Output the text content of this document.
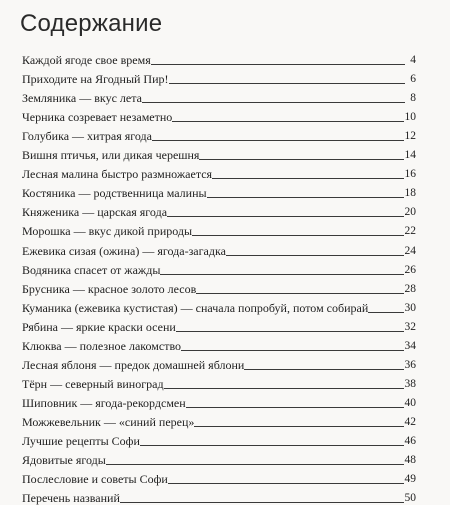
Содержание
Каждой ягоде свое время	4
Приходите на Ягодный Пир!	6
Земляника — вкус лета	8
Черника созревает незаметно	10
Голубика — хитрая ягода	12
Вишня птичья, или дикая черешня	14
Лесная малина быстро размножается	16
Костяника — родственница малины	18
Княженика — царская ягода	20
Морошка — вкус дикой природы	22
Ежевика сизая (ожина) — ягода-загадка	24
Водяника спасет от жажды	26
Брусника — красное золото лесов	28
Куманика (ежевика кустистая) — сначала попробуй, потом собирай	30
Рябина — яркие краски осени	32
Клюква — полезное лакомство	34
Лесная яблоня — предок домашней яблони	36
Тёрн — северный виноград	38
Шиповник — ягода-рекордсмен	40
Можжевельник — «синий перец»	42
Лучшие рецепты Софи	46
Ядовитые ягоды	48
Послесловие и советы Софи	49
Перечень названий	50
